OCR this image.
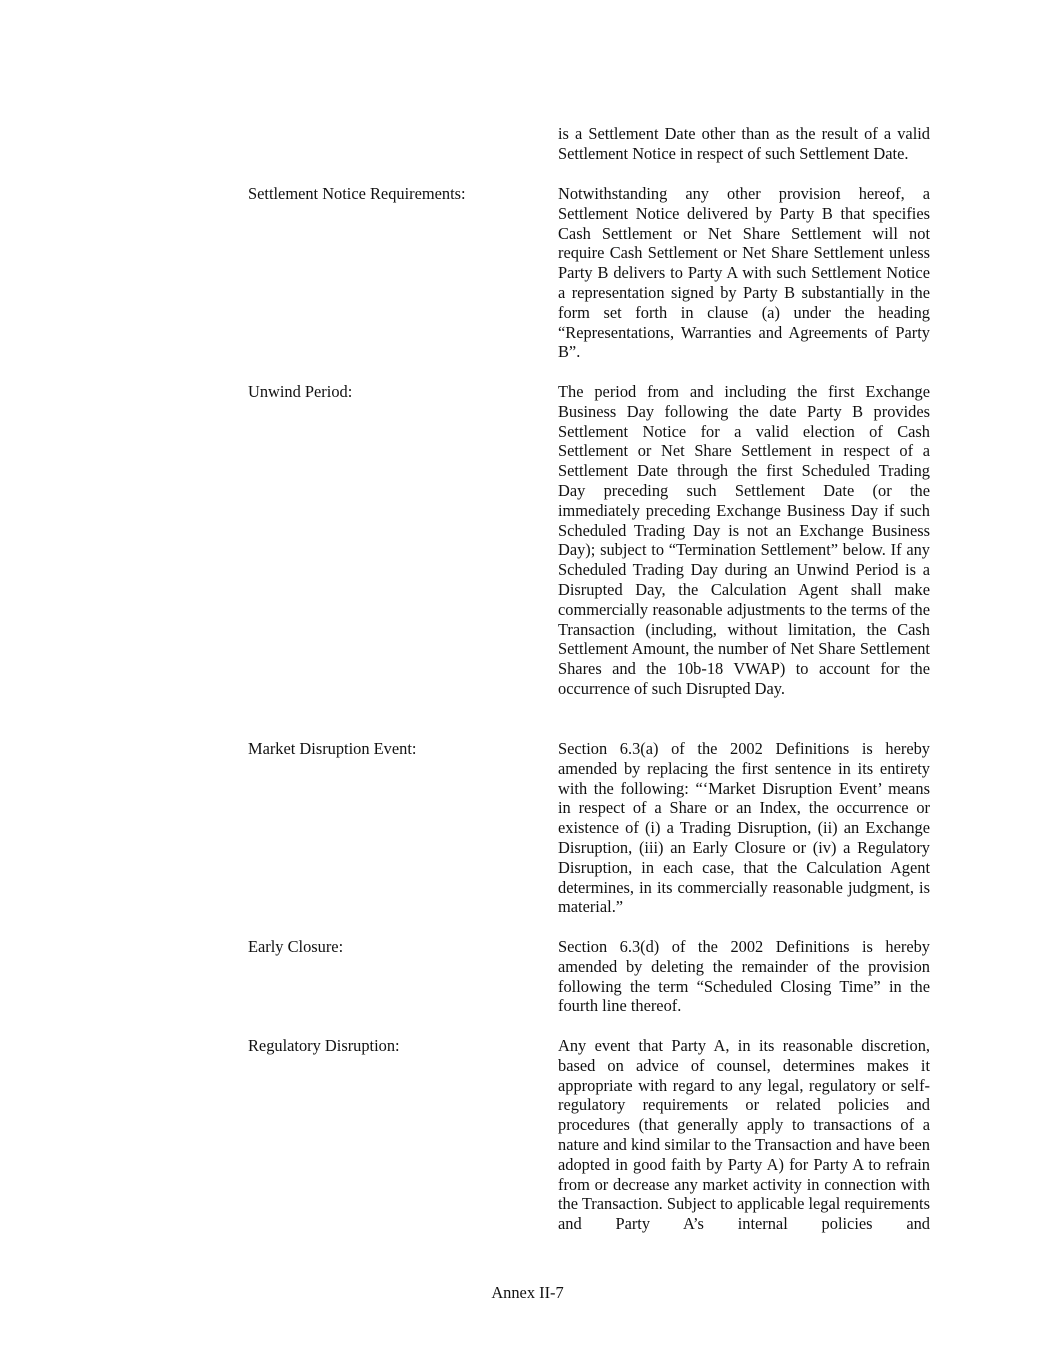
is a Settlement Date other than as the result of a valid Settlement Notice in respect of such Settlement Date.
Settlement Notice Requirements:	Notwithstanding any other provision hereof, a Settlement Notice delivered by Party B that specifies Cash Settlement or Net Share Settlement will not require Cash Settlement or Net Share Settlement unless Party B delivers to Party A with such Settlement Notice a representation signed by Party B substantially in the form set forth in clause (a) under the heading “Representations, Warranties and Agreements of Party B”.
Unwind Period:	The period from and including the first Exchange Business Day following the date Party B provides Settlement Notice for a valid election of Cash Settlement or Net Share Settlement in respect of a Settlement Date through the first Scheduled Trading Day preceding such Settlement Date (or the immediately preceding Exchange Business Day if such Scheduled Trading Day is not an Exchange Business Day); subject to “Termination Settlement” below. If any Scheduled Trading Day during an Unwind Period is a Disrupted Day, the Calculation Agent shall make commercially reasonable adjustments to the terms of the Transaction (including, without limitation, the Cash Settlement Amount, the number of Net Share Settlement Shares and the 10b-18 VWAP) to account for the occurrence of such Disrupted Day.
Market Disruption Event:	Section 6.3(a) of the 2002 Definitions is hereby amended by replacing the first sentence in its entirety with the following: “‘Market Disruption Event’ means in respect of a Share or an Index, the occurrence or existence of (i) a Trading Disruption, (ii) an Exchange Disruption, (iii) an Early Closure or (iv) a Regulatory Disruption, in each case, that the Calculation Agent determines, in its commercially reasonable judgment, is material.”
Early Closure:	Section 6.3(d) of the 2002 Definitions is hereby amended by deleting the remainder of the provision following the term “Scheduled Closing Time” in the fourth line thereof.
Regulatory Disruption:	Any event that Party A, in its reasonable discretion, based on advice of counsel, determines makes it appropriate with regard to any legal, regulatory or self-regulatory requirements or related policies and procedures (that generally apply to transactions of a nature and kind similar to the Transaction and have been adopted in good faith by Party A) for Party A to refrain from or decrease any market activity in connection with the Transaction. Subject to applicable legal requirements and Party A’s internal policies and
Annex II-7
